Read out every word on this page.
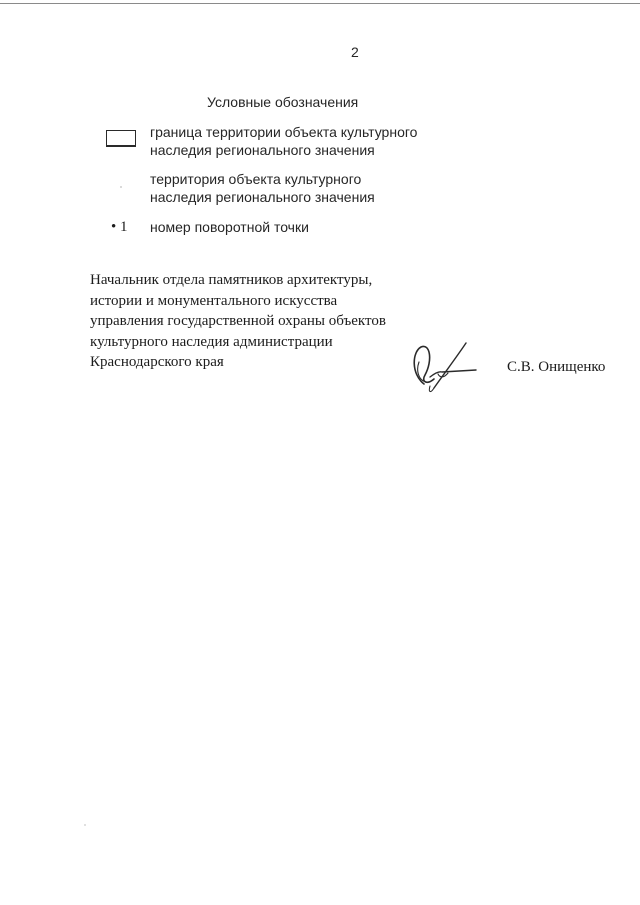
2
Условные обозначения
граница территории объекта культурного
наследия регионального значения
территория объекта культурного
наследия регионального значения
• 1 номер поворотной точки
Начальник отдела памятников архитектуры,
истории и монументального искусства
управления государственной охраны объектов
культурного наследия администрации
Краснодарского края	С.В. Онищенко
